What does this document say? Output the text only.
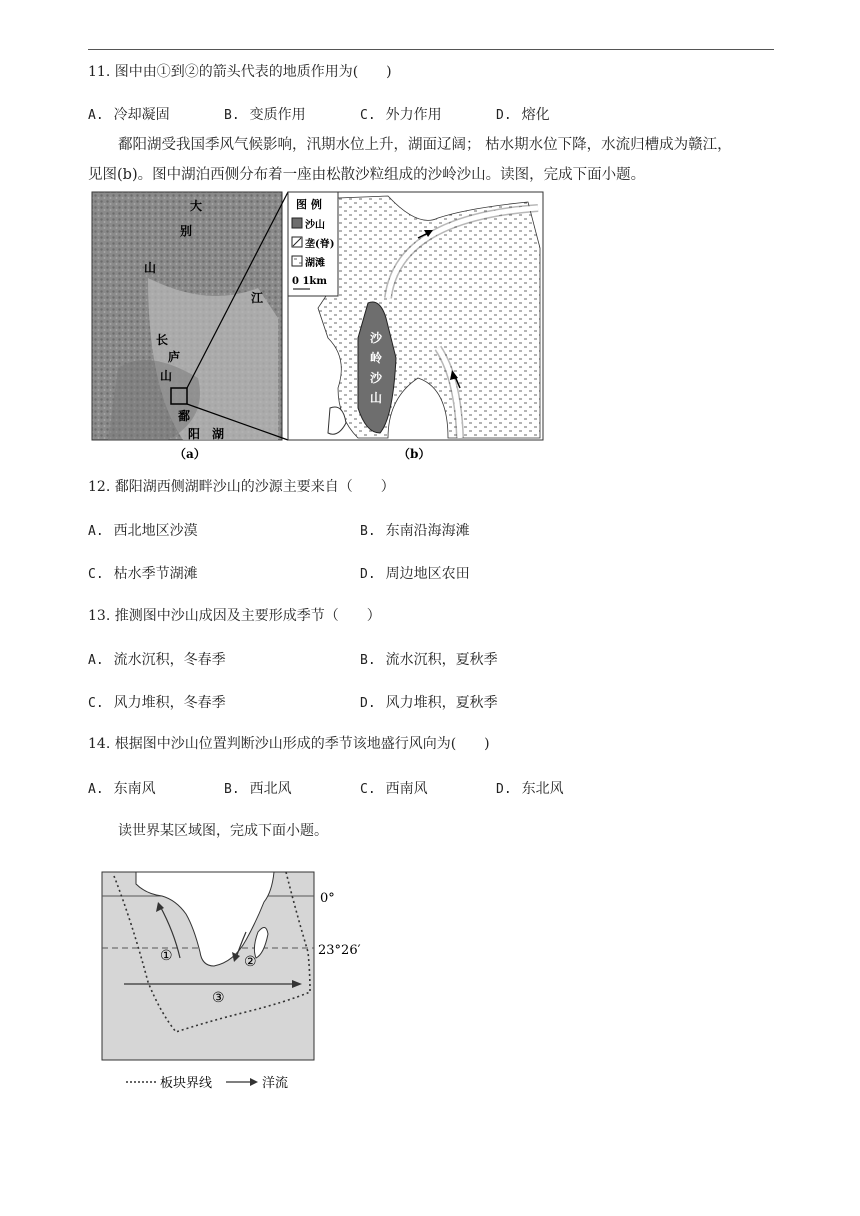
11. 图中由①到②的箭头代表的地质作用为(　　)
A. 冷却凝固	B. 变质作用	C. 外力作用	D. 熔化
鄱阳湖受我国季风气候影响，汛期水位上升，湖面辽阔； 枯水期水位下降，水流归槽成为赣江，
见图(b)。图中湖泊西侧分布着一座由松散沙粒组成的沙岭沙山。读图，完成下面小题。
大
别
山
江
长
庐
山
鄱
阳 湖
（a）
沙
岭
沙
山
图 例
沙山
垄(脊)
湖滩
0 1km
（b）
12. 鄱阳湖西侧湖畔沙山的沙源主要来自（　　）
A. 西北地区沙漠	B. 东南沿海海滩
C. 枯水季节湖滩	D. 周边地区农田
13. 推测图中沙山成因及主要形成季节（　　）
A. 流水沉积，冬春季	B. 流水沉积，夏秋季
C. 风力堆积，冬春季	D. 风力堆积，夏秋季
14. 根据图中沙山位置判断沙山形成的季节该地盛行风向为(　　)
A. 东南风	B. 西北风	C. 西南风	D. 东北风
读世界某区域图，完成下面小题。
①	②
③
0°
23°26′
板块界线	洋流
